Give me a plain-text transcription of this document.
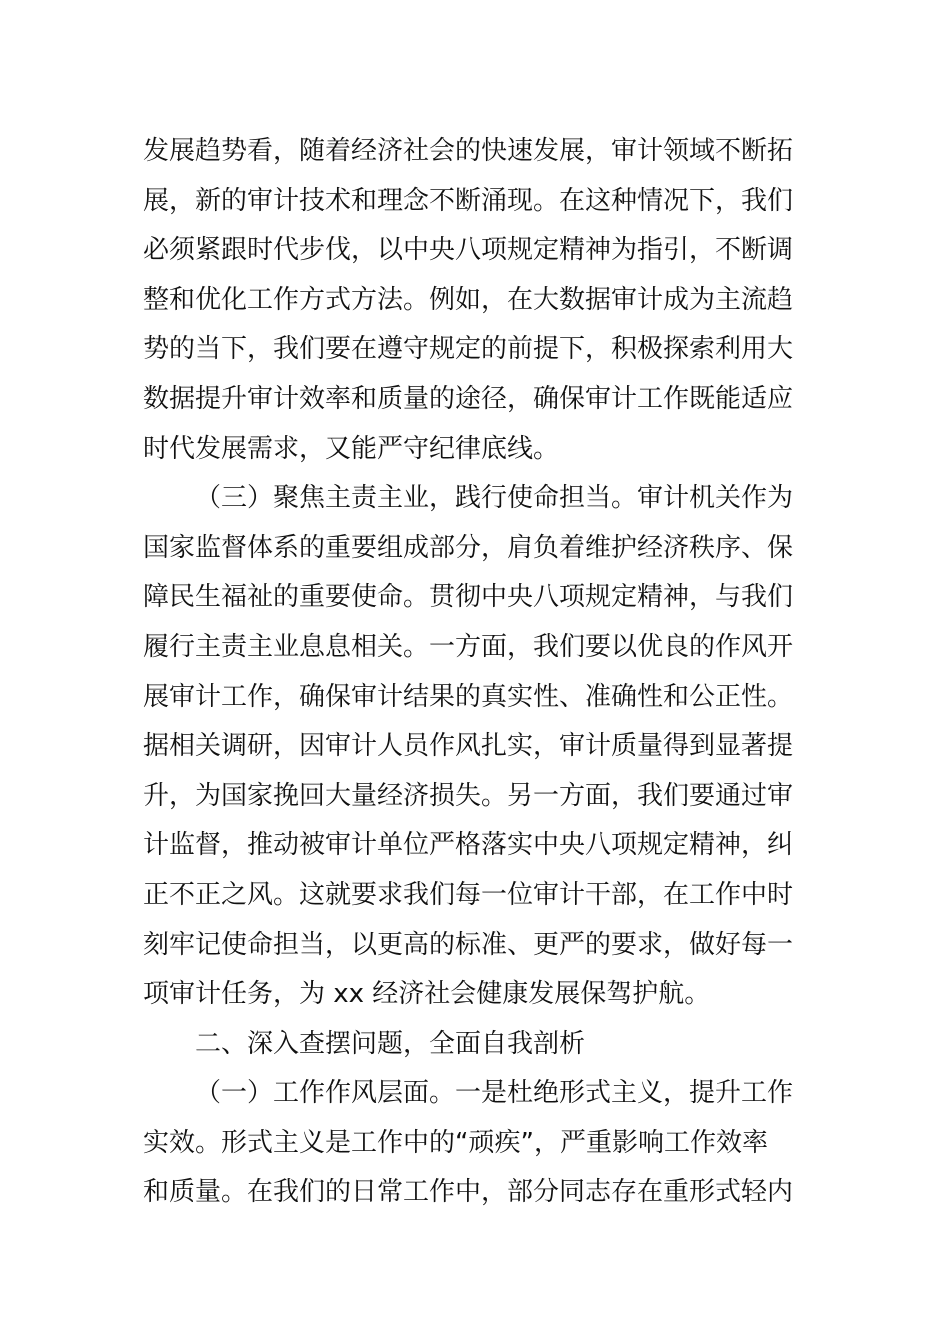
发展趋势看，随着经济社会的快速发展，审计领域不断拓
展，新的审计技术和理念不断涌现。在这种情况下，我们
必须紧跟时代步伐，以中央八项规定精神为指引，不断调
整和优化工作方式方法。例如，在大数据审计成为主流趋
势的当下，我们要在遵守规定的前提下，积极探索利用大
数据提升审计效率和质量的途径，确保审计工作既能适应
时代发展需求，又能严守纪律底线。
（三）聚焦主责主业，践行使命担当。审计机关作为
国家监督体系的重要组成部分，肩负着维护经济秩序、保
障民生福祉的重要使命。贯彻中央八项规定精神，与我们
履行主责主业息息相关。一方面，我们要以优良的作风开
展审计工作，确保审计结果的真实性、准确性和公正性。
据相关调研，因审计人员作风扎实，审计质量得到显著提
升，为国家挽回大量经济损失。另一方面，我们要通过审
计监督，推动被审计单位严格落实中央八项规定精神，纠
正不正之风。这就要求我们每一位审计干部，在工作中时
刻牢记使命担当，以更高的标准、更严的要求，做好每一
项审计任务，为 xx 经济社会健康发展保驾护航。
二、深入查摆问题，全面自我剖析
（一）工作作风层面。一是杜绝形式主义，提升工作
实效。形式主义是工作中的“顽疾”，严重影响工作效率
和质量。在我们的日常工作中，部分同志存在重形式轻内
